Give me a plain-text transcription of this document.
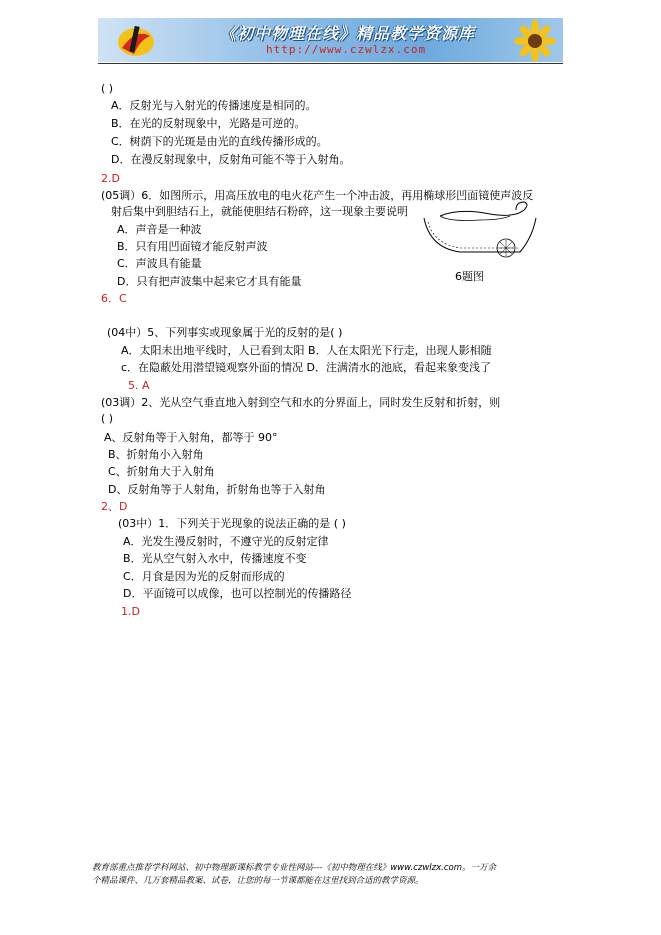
《初中物理在线》精品教学资源库
http://www.czwlzx.com
( )
A．反射光与入射光的传播速度是相同的。
B．在光的反射现象中，光路是可逆的。
C．树荫下的光斑是由光的直线传播形成的。
D．在漫反射现象中，反射角可能不等于入射角。
2.D
(05调）6．如图所示，用高压放电的电火花产生一个冲击波，再用椭球形凹面镜使声波反
射后集中到胆结石上，就能使胆结石粉碎，这一现象主要说明
A．声音是一种波
B．只有用凹面镜才能反射声波
C．声波具有能量
D．只有把声波集中起来它才具有能量	6题图
6．C
(04中）5、下列事实或现象属于光的反射的是( )
A．太阳未出地平线时，人已看到太阳 B．人在太阳光下行走，出现人影相随
c．在隐蔽处用潜望镜观察外面的情况 D．注满清水的池底，看起来象变浅了
5. A
(03调）2、光从空气垂直地入射到空气和水的分界面上，同时发生反射和折射，则
( )
A、反射角等于入射角，都等于 90°
B、折射角小入射角
C、折射角大于入射角
D、反射角等于人射角，折射角也等于入射角
2、D
(03中）1．下列关于光现象的说法正确的是 ( )
A．光发生漫反射时，不遵守光的反射定律
B．光从空气射入水中，传播速度不变
C．月食是因为光的反射而形成的
D．平面镜可以成像，也可以控制光的传播路径
1.D
教育部重点推荐学科网站、初中物理新课标教学专业性网站---《初中物理在线》www.czwlzx.com。一万余
个精品课件、几万套精品教案、试卷，让您的每一节课都能在这里找到合适的教学资源。
